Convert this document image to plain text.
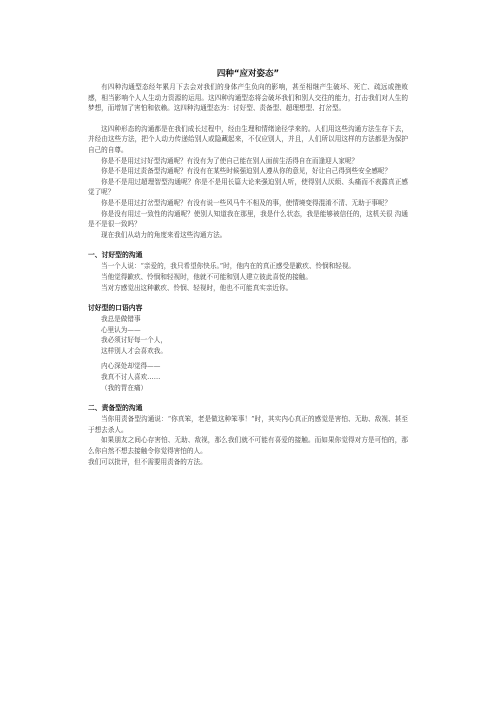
四种“应对姿态”

有四种沟通型态经年累月下去会对我们的身体产生负向的影响，甚至相继产生破坏、死亡、疏远或挫败感，相当影响个人人生动力资源的运用。这四种沟通型态将会破坏我们和别人交往的能力，打击我们对人生的梦想，而增加了害怕和依赖。这四种沟通型态为：讨好型、责备型、超理想型、打岔型。

这四种形态的沟通都是在我们成长过程中，经由生理和情绪途径学来的。人们用这些沟通方法生存下去，并经由这些方法，把个人动力传递给别人或隐藏起来，不仅应别人，并且，人们所以用这样的方法都是为保护自己的自尊。

你是不是用过讨好型沟通呢？有没有为了使自己能在别人面前生活得自在而逢迎人家呢？

你是不是用过责备型沟通呢？有没有在某些时候强迫别人遵从你的意见，好让自己得到些安全感呢？

你是不是用过超理智型沟通呢？你是不是用长篇大论来强迫别人听，使得别人厌烦、头痛而不表露真正感觉了呢？

你是不是用过打岔型沟通呢？有没有说一些风马牛不相及的事，使情境变得混淆不清、无助于事呢？

你是没有用过一致性的沟通呢？使别人知道我在那里，我是什么状态，我是能够被信任的，这机关很 沟通是不是很一致吗？

现在我们从动力的角度来看这些沟通方法。

一、讨好型的沟通

当一个人说：“亲爱的，我只希望你快乐。”时，他内在的真正感受是歉疚、怜悯和轻视。

当他觉得歉疚、怜悯和轻视时，他就不可能和别人建立彼此喜悦的接触。

当对方感觉出这种歉疚、怜悯、轻视时，他也不可能真实亲近你。

讨好型的口语内容

我总是做错事

心里认为——

我必须讨好每一个人，

这样别人才会喜欢我。

内心深处却觉得——

我真不讨人喜欢……

（我的胃在痛）

二、责备型的沟通

当你用责备型沟通说：“你真笨，老是做这种笨事！”时，其实内心真正的感觉是害怕、无助、敌视、甚至于想去杀人。

如果朋友之间心存害怕、无助、敌视，那么我们就不可能有喜爱的接触。而如果你觉得对方是可怕的，那么你自然不想去接触令你觉得害怕的人。

我们可以批评，但不需要用责备的方法。
